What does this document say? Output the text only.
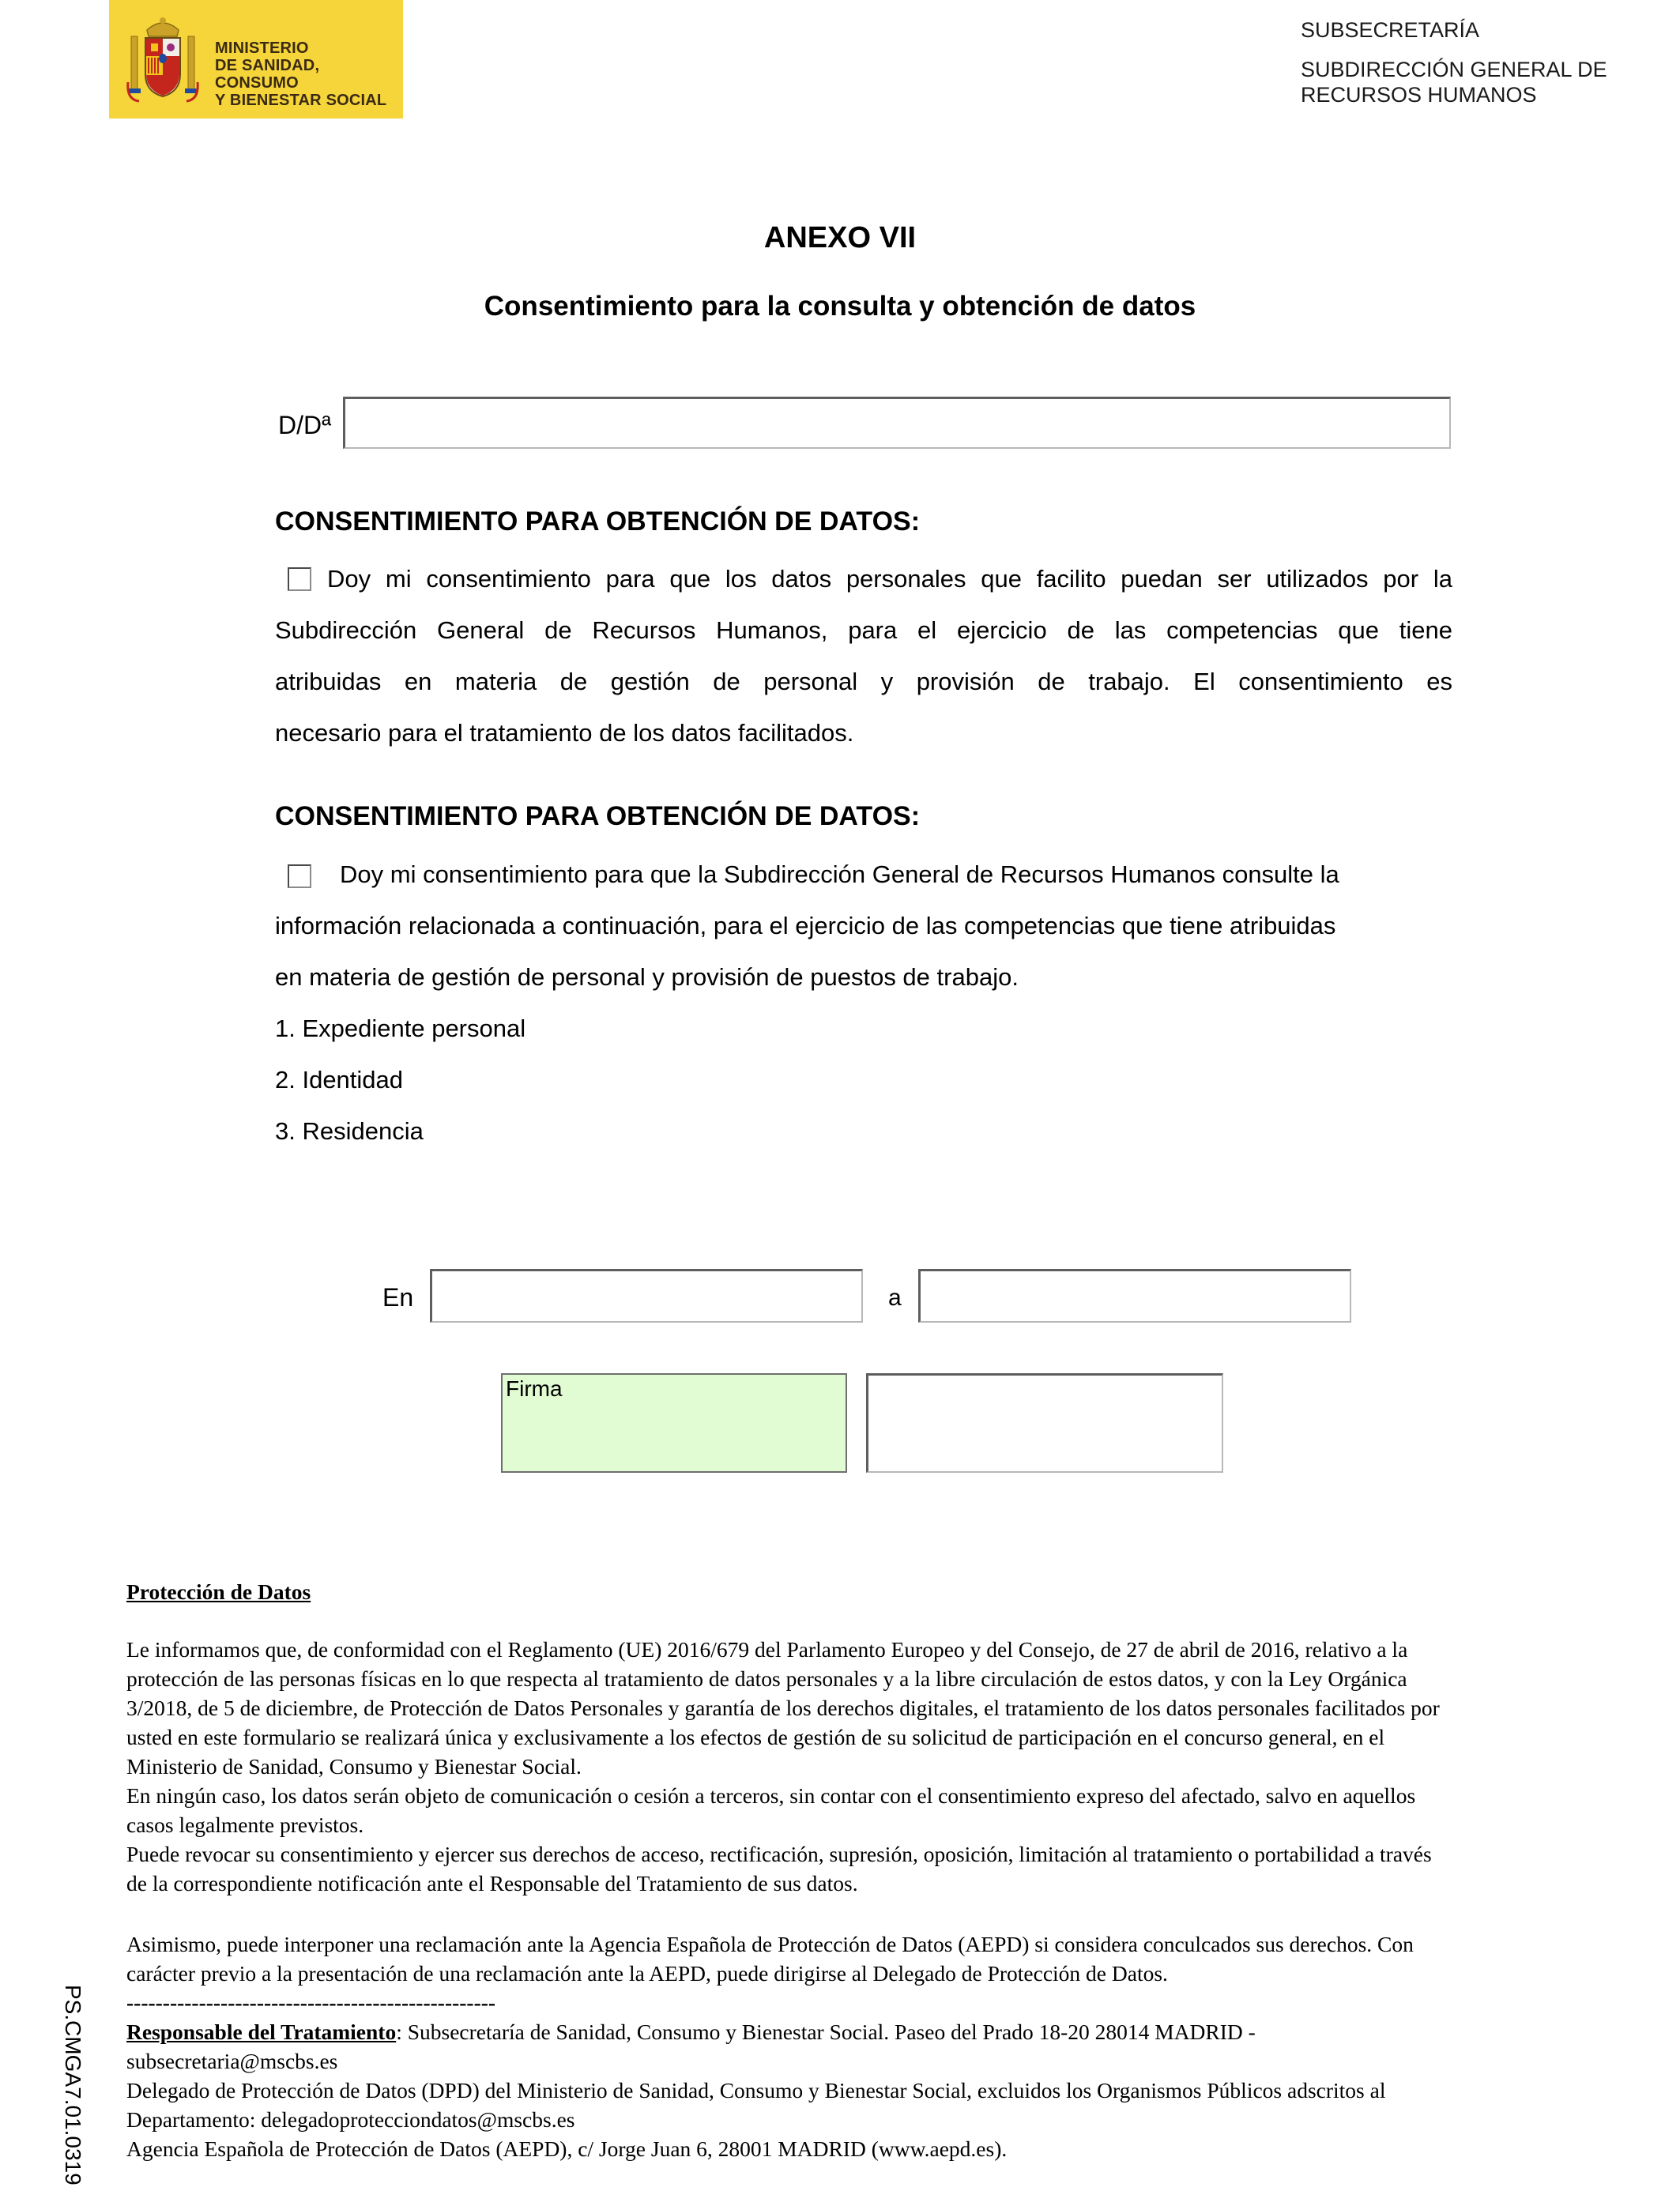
MINISTERIO
DE SANIDAD, CONSUMO
Y BIENESTAR SOCIAL
SUBSECRETARÍA
SUBDIRECCIÓN GENERAL DE
RECURSOS HUMANOS
ANEXO VII
Consentimiento para la consulta y obtención de datos
D/Dª
CONSENTIMIENTO PARA OBTENCIÓN DE DATOS:
Doy mi consentimiento para que los datos personales que facilito puedan ser utilizados por la
Subdirección General de Recursos Humanos, para el ejercicio de las competencias que tiene
atribuidas en materia de gestión de personal y provisión de trabajo. El consentimiento es
necesario para el tratamiento de los datos facilitados.
CONSENTIMIENTO PARA OBTENCIÓN DE DATOS:
Doy mi consentimiento para que la Subdirección General de Recursos Humanos consulte la
información relacionada a continuación, para el ejercicio de las competencias que tiene atribuidas
en materia de gestión de personal y provisión de puestos de trabajo.
1. Expediente personal
2. Identidad
3. Residencia
En	a
Firma
Protección de Datos
Le informamos que, de conformidad con el Reglamento (UE) 2016/679 del Parlamento Europeo y del Consejo, de 27 de abril de 2016, relativo a la
protección de las personas físicas en lo que respecta al tratamiento de datos personales y a la libre circulación de estos datos, y con la Ley Orgánica
3/2018, de 5 de diciembre, de Protección de Datos Personales y garantía de los derechos digitales, el tratamiento de los datos personales facilitados por
usted en este formulario se realizará única y exclusivamente a los efectos de gestión de su solicitud de participación en el concurso general, en el
Ministerio de Sanidad, Consumo y Bienestar Social.
En ningún caso, los datos serán objeto de comunicación o cesión a terceros, sin contar con el consentimiento expreso del afectado, salvo en aquellos
casos legalmente previstos.
Puede revocar su consentimiento y ejercer sus derechos de acceso, rectificación, supresión, oposición, limitación al tratamiento o portabilidad a través
de la correspondiente notificación ante el Responsable del Tratamiento de sus datos.
Asimismo, puede interponer una reclamación ante la Agencia Española de Protección de Datos (AEPD) si considera conculcados sus derechos. Con
carácter previo a la presentación de una reclamación ante la AEPD, puede dirigirse al Delegado de Protección de Datos.
---------------------------------------------------
Responsable del Tratamiento: Subsecretaría de Sanidad, Consumo y Bienestar Social. Paseo del Prado 18-20 28014 MADRID -
subsecretaria@mscbs.es
Delegado de Protección de Datos (DPD) del Ministerio de Sanidad, Consumo y Bienestar Social, excluidos los Organismos Públicos adscritos al
Departamento: delegadoprotecciondatos@mscbs.es
Agencia Española de Protección de Datos (AEPD), c/ Jorge Juan 6, 28001 MADRID (www.aepd.es).
PS.CMGA7.01.0319
